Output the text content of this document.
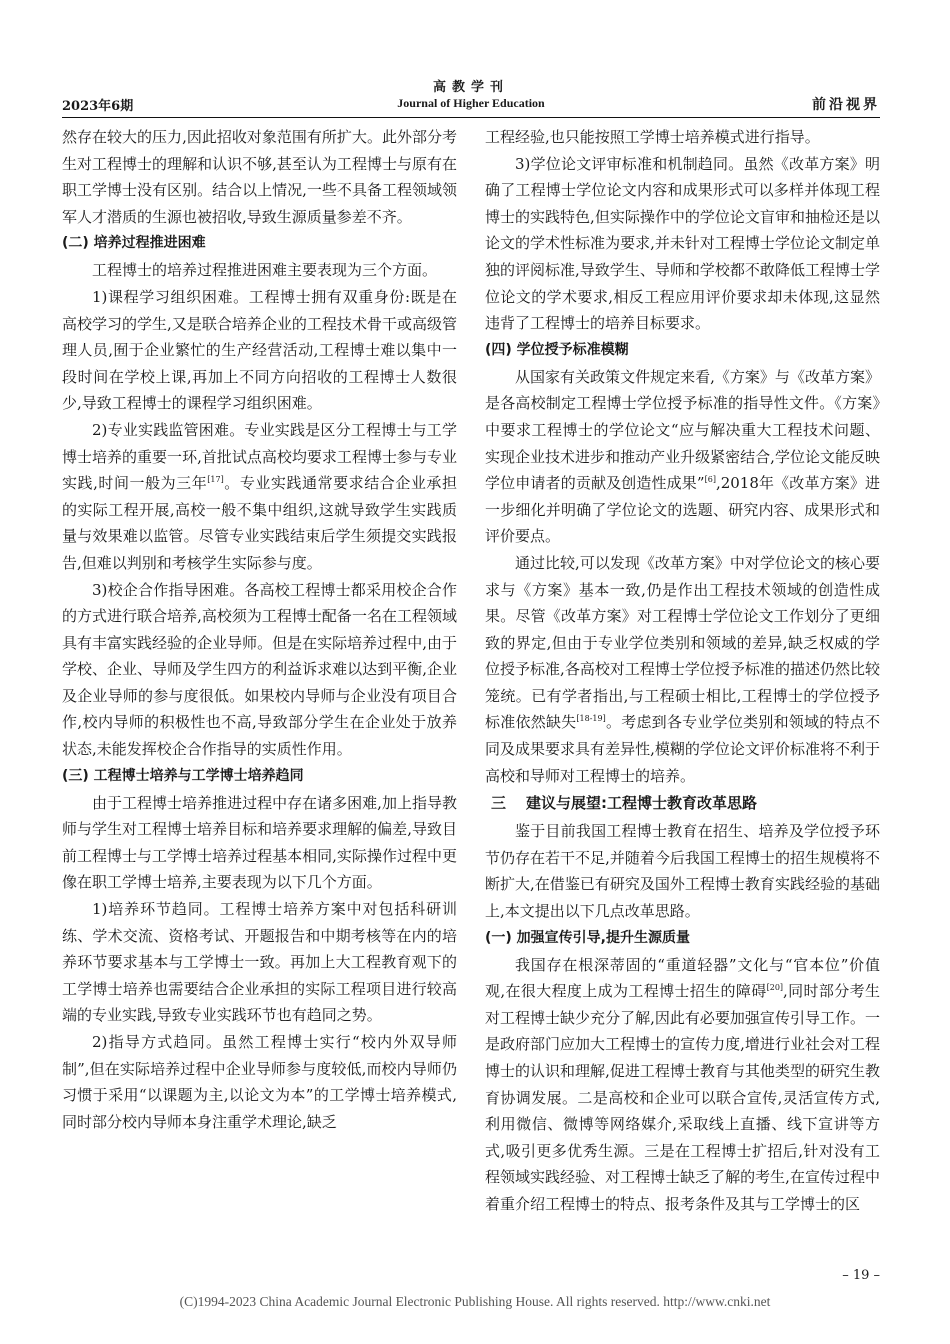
高教学刊
Journal of Higher Education
2023年6期	前沿视界

然存在较大的压力,因此招收对象范围有所扩大。此外部分考生对工程博士的理解和认识不够,甚至认为工程博士与原有在职工学博士没有区别。结合以上情况,一些不具备工程领域领军人才潜质的生源也被招收,导致生源质量参差不齐。

(二) 培养过程推进困难

工程博士的培养过程推进困难主要表现为三个方面。

1)课程学习组织困难。工程博士拥有双重身份:既是在高校学习的学生,又是联合培养企业的工程技术骨干或高级管理人员,囿于企业繁忙的生产经营活动,工程博士难以集中一段时间在学校上课,再加上不同方向招收的工程博士人数很少,导致工程博士的课程学习组织困难。

2)专业实践监管困难。专业实践是区分工程博士与工学博士培养的重要一环,首批试点高校均要求工程博士参与专业实践,时间一般为三年[17]。专业实践通常要求结合企业承担的实际工程开展,高校一般不集中组织,这就导致学生实践质量与效果难以监管。尽管专业实践结束后学生须提交实践报告,但难以判别和考核学生实际参与度。

3)校企合作指导困难。各高校工程博士都采用校企合作的方式进行联合培养,高校须为工程博士配备一名在工程领域具有丰富实践经验的企业导师。但是在实际培养过程中,由于学校、企业、导师及学生四方的利益诉求难以达到平衡,企业及企业导师的参与度很低。如果校内导师与企业没有项目合作,校内导师的积极性也不高,导致部分学生在企业处于放养状态,未能发挥校企合作指导的实质性作用。

(三) 工程博士培养与工学博士培养趋同

由于工程博士培养推进过程中存在诸多困难,加上指导教师与学生对工程博士培养目标和培养要求理解的偏差,导致目前工程博士与工学博士培养过程基本相同,实际操作过程中更像在职工学博士培养,主要表现为以下几个方面。

1)培养环节趋同。工程博士培养方案中对包括科研训练、学术交流、资格考试、开题报告和中期考核等在内的培养环节要求基本与工学博士一致。再加上大工程教育观下的工学博士培养也需要结合企业承担的实际工程项目进行较高端的专业实践,导致专业实践环节也有趋同之势。

2)指导方式趋同。虽然工程博士实行“校内外双导师制”,但在实际培养过程中企业导师参与度较低,而校内导师仍习惯于采用“以课题为主,以论文为本”的工学博士培养模式,同时部分校内导师本身注重学术理论,缺乏

工程经验,也只能按照工学博士培养模式进行指导。

3)学位论文评审标准和机制趋同。虽然《改革方案》明确了工程博士学位论文内容和成果形式可以多样并体现工程博士的实践特色,但实际操作中的学位论文盲审和抽检还是以论文的学术性标准为要求,并未针对工程博士学位论文制定单独的评阅标准,导致学生、导师和学校都不敢降低工程博士学位论文的学术要求,相反工程应用评价要求却未体现,这显然违背了工程博士的培养目标要求。

(四) 学位授予标准模糊

从国家有关政策文件规定来看,《方案》与《改革方案》是各高校制定工程博士学位授予标准的指导性文件。《方案》中要求工程博士的学位论文“应与解决重大工程技术问题、实现企业技术进步和推动产业升级紧密结合,学位论文能反映学位申请者的贡献及创造性成果”[6],2018年《改革方案》进一步细化并明确了学位论文的选题、研究内容、成果形式和评价要点。

通过比较,可以发现《改革方案》中对学位论文的核心要求与《方案》基本一致,仍是作出工程技术领域的创造性成果。尽管《改革方案》对工程博士学位论文工作划分了更细致的界定,但由于专业学位类别和领域的差异,缺乏权威的学位授予标准,各高校对工程博士学位授予标准的描述仍然比较笼统。已有学者指出,与工程硕士相比,工程博士的学位授予标准依然缺失[18-19]。考虑到各专业学位类别和领域的特点不同及成果要求具有差异性,模糊的学位论文评价标准将不利于高校和导师对工程博士的培养。

三 建议与展望:工程博士教育改革思路

鉴于目前我国工程博士教育在招生、培养及学位授予环节仍存在若干不足,并随着今后我国工程博士的招生规模将不断扩大,在借鉴已有研究及国外工程博士教育实践经验的基础上,本文提出以下几点改革思路。

(一) 加强宣传引导,提升生源质量

我国存在根深蒂固的“重道轻器”文化与“官本位”价值观,在很大程度上成为工程博士招生的障碍[20],同时部分考生对工程博士缺少充分了解,因此有必要加强宣传引导工作。一是政府部门应加大工程博士的宣传力度,增进行业社会对工程博士的认识和理解,促进工程博士教育与其他类型的研究生教育协调发展。二是高校和企业可以联合宣传,灵活宣传方式,利用微信、微博等网络媒介,采取线上直播、线下宣讲等方式,吸引更多优秀生源。三是在工程博士扩招后,针对没有工程领域实践经验、对工程博士缺乏了解的考生,在宣传过程中着重介绍工程博士的特点、报考条件及其与工学博士的区

– 19 –
(C)1994-2023 China Academic Journal Electronic Publishing House. All rights reserved. http://www.cnki.net
